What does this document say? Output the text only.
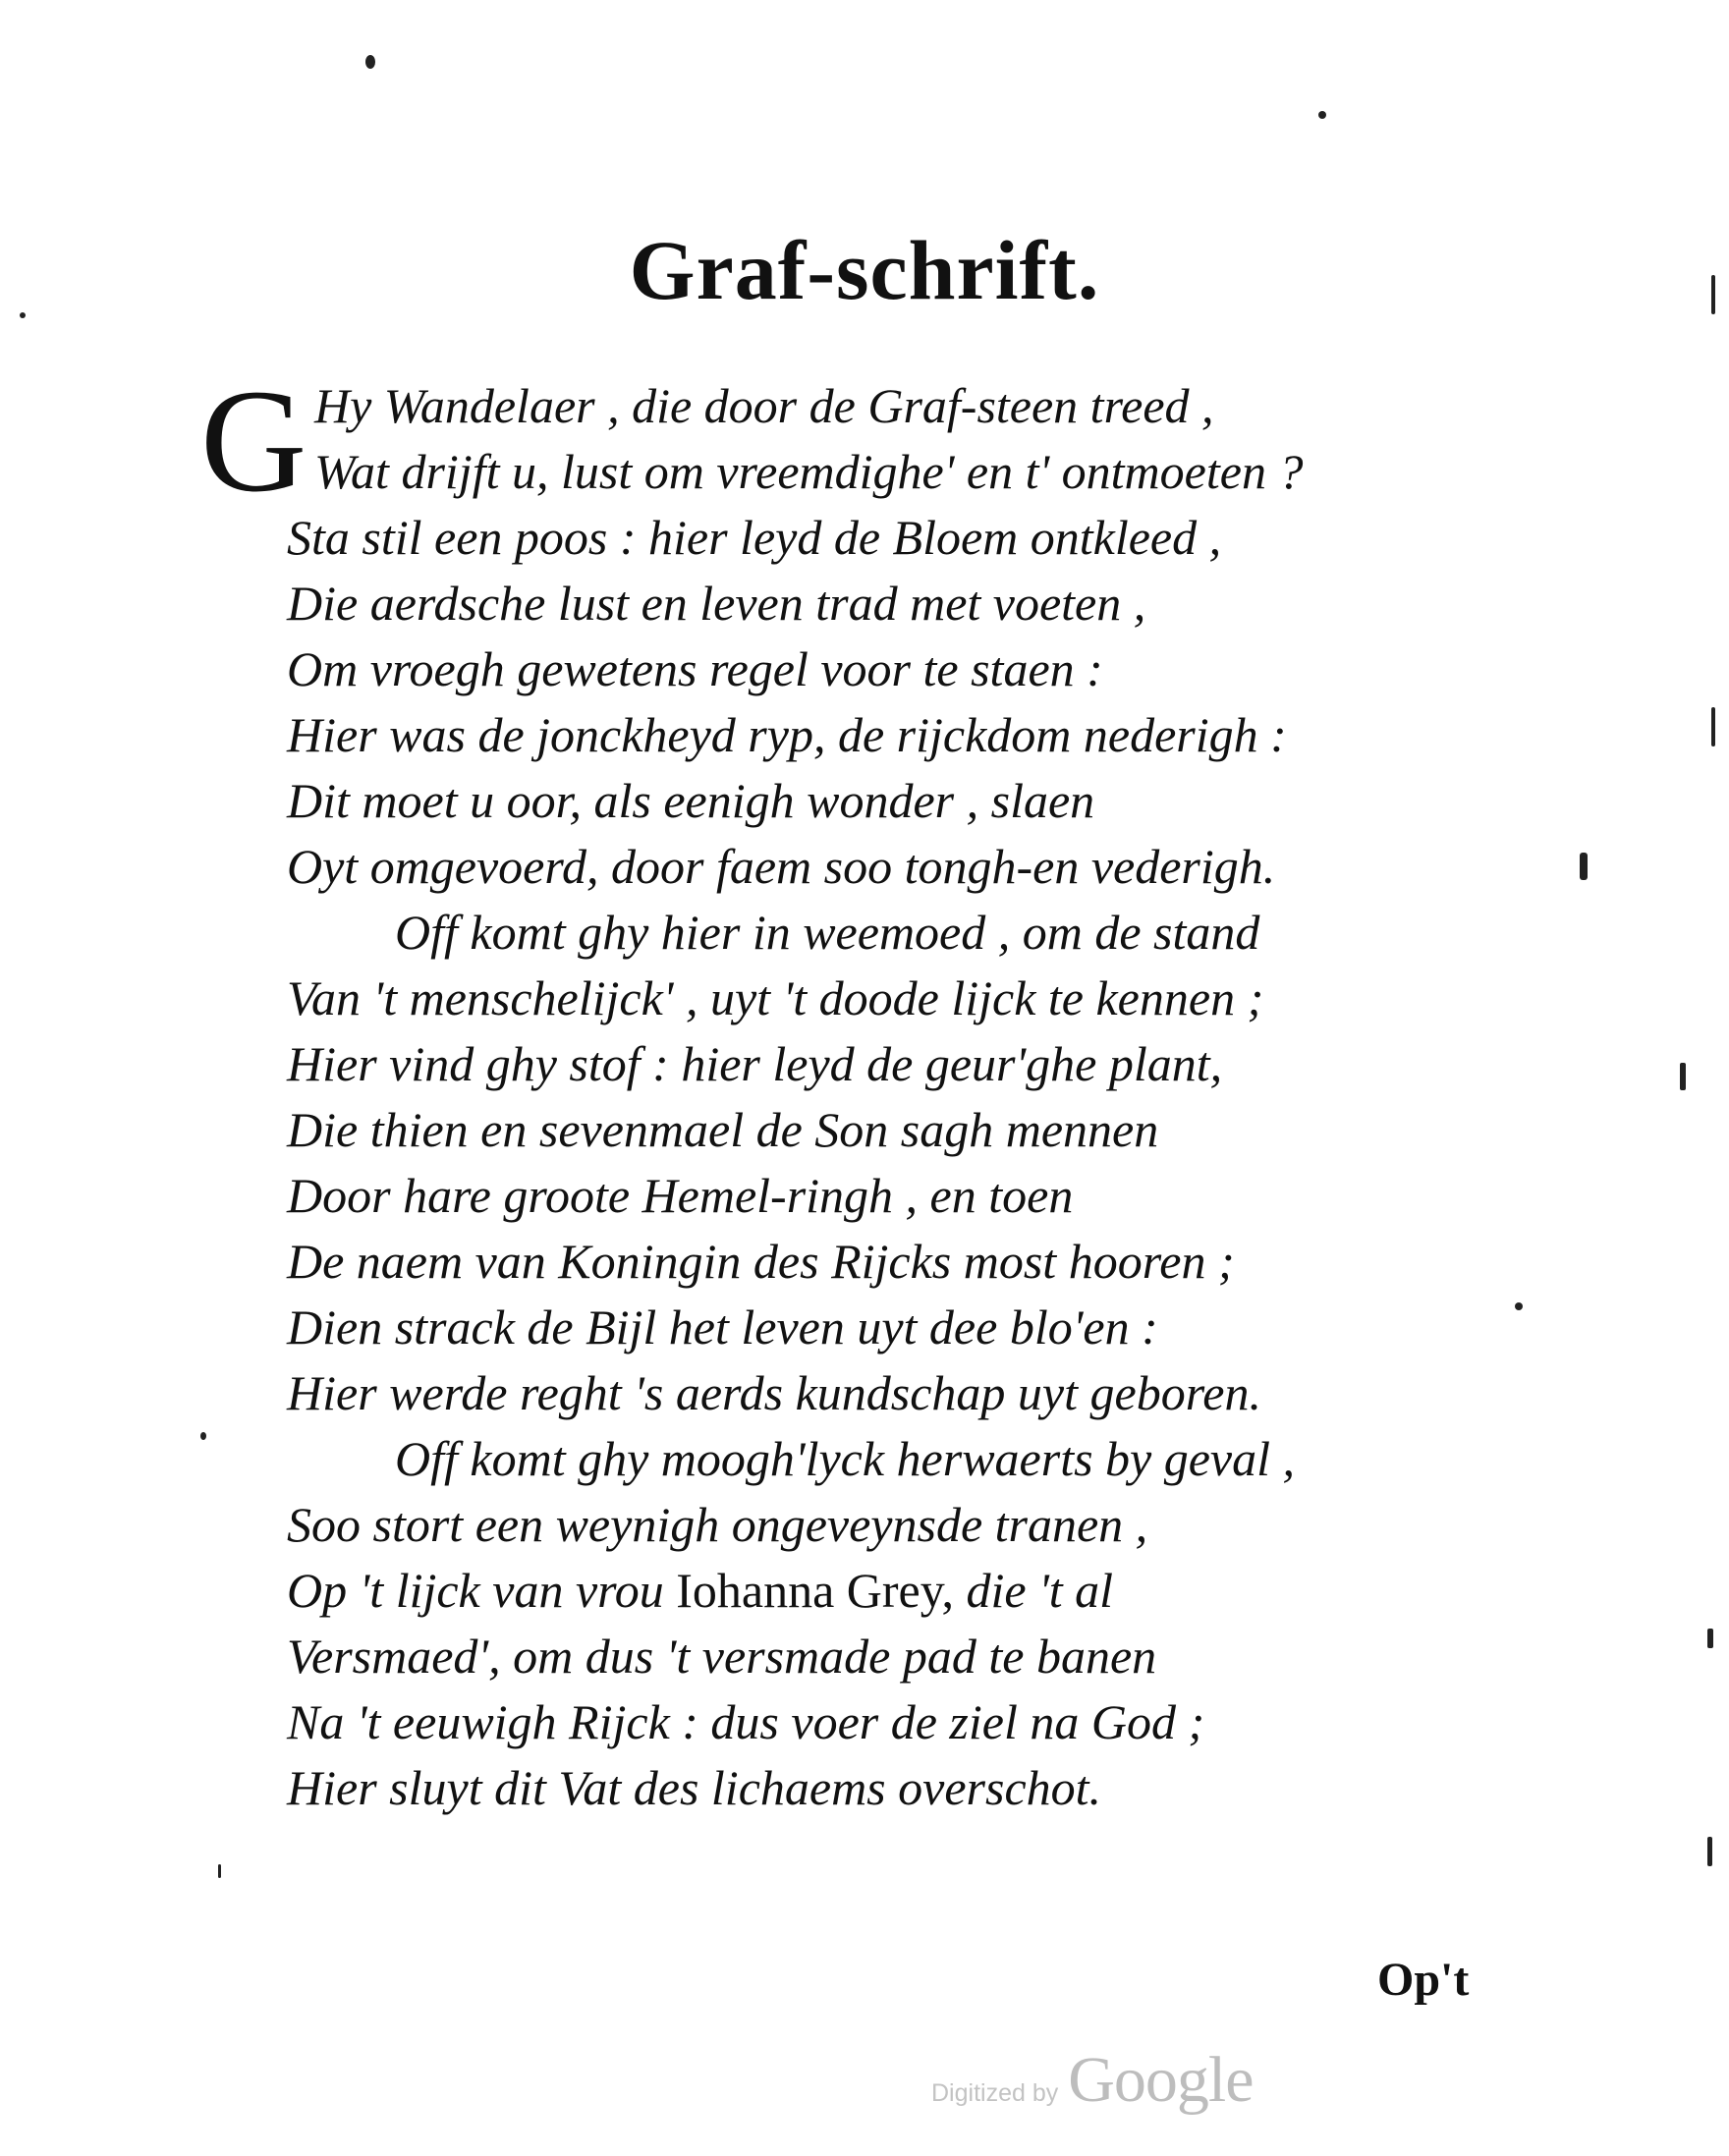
Graf-schrift.
G Hy Wandelaer , die door de Graf-steen treed ,
Wat drijft u, lust om vreemdighe' en t' ontmoeten ?
Sta stil een poos : hier leyd de Bloem ontkleed ,
Die aerdsche lust en leven trad met voeten ,
Om vroegh gewetens regel voor te staen :
Hier was de jonckheyd ryp, de rijckdom nederigh :
Dit moet u oor, als eenigh wonder , slaen
Oyt omgevoerd, door faem soo tongh-en vederigh.
Off komt ghy hier in weemoed , om de stand
Van 't menschelijck' , uyt 't doode lijck te kennen ;
Hier vind ghy stof : hier leyd de geur'ghe plant,
Die thien en sevenmael de Son sagh mennen
Door hare groote Hemel-ringh , en toen
De naem van Koningin des Rijcks most hooren ;
Dien strack de Bijl het leven uyt dee blo'en :
Hier werde reght 's aerds kundschap uyt geboren.
Off komt ghy moogh'lyck herwaerts by geval ,
Soo stort een weynigh ongeveynsde tranen ,
Op 't lijck van vrou Iohanna Grey, die 't al
Versmaed', om dus 't versmade pad te banen
Na 't eeuwigh Rijck : dus voer de ziel na God ;
Hier sluyt dit Vat des lichaems overschot.
Op't
Digitized by Google
